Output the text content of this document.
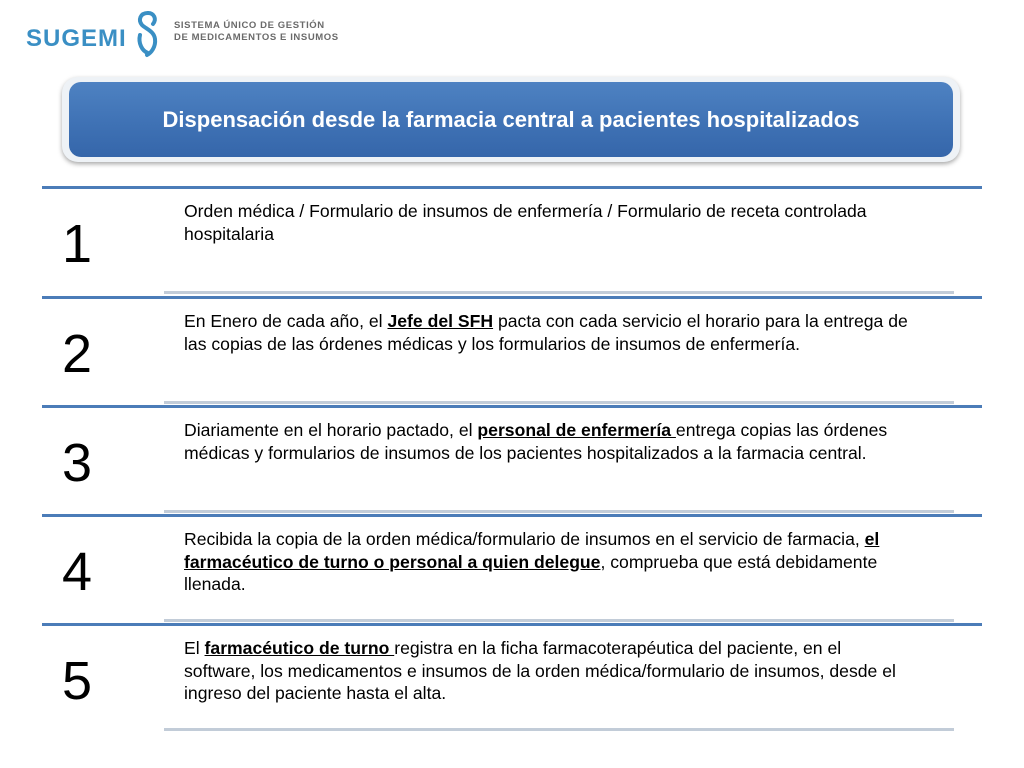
SUGEMI	SISTEMA ÚNICO DE GESTIÓN
DE MEDICAMENTOS E INSUMOS
Dispensación desde la farmacia central a pacientes hospitalizados
1
Orden médica / Formulario de insumos de enfermería / Formulario de receta controlada hospitalaria
2
En Enero de cada año, el Jefe del SFH pacta con cada servicio el horario para la entrega de las copias de las órdenes médicas y los formularios de insumos de enfermería.
3
Diariamente en el horario pactado, el personal de enfermería entrega copias las órdenes médicas y formularios de insumos de los pacientes hospitalizados a la farmacia central.
4
Recibida la copia de la orden médica/formulario de insumos en el servicio de farmacia, el farmacéutico de turno o personal a quien delegue, comprueba que está debidamente llenada.
5
El farmacéutico de turno registra en la ficha farmacoterapéutica del paciente, en el software, los medicamentos e insumos de la orden médica/formulario de insumos, desde el ingreso del paciente hasta el alta.
